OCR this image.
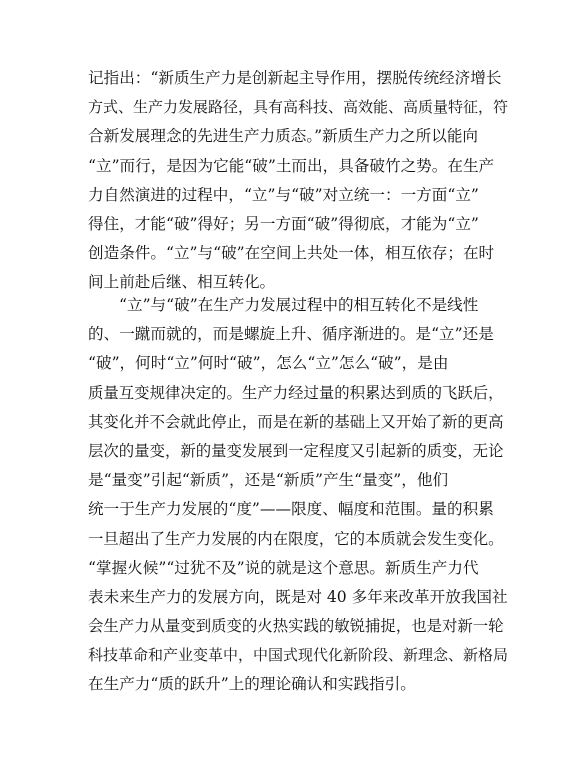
记指出：“新质生产力是创新起主导作用，摆脱传统经济增长
方式、生产力发展路径，具有高科技、高效能、高质量特征，符
合新发展理念的先进生产力质态。”新质生产力之所以能向
“立”而行，是因为它能“破”土而出，具备破竹之势。在生产
力自然演进的过程中，“立”与“破”对立统一：一方面“立”
得住，才能“破”得好；另一方面“破”得彻底，才能为“立”
创造条件。“立”与“破”在空间上共处一体，相互依存；在时
间上前赴后继、相互转化。
“立”与“破”在生产力发展过程中的相互转化不是线性
的、一蹴而就的，而是螺旋上升、循序渐进的。是“立”还是
“破”，何时“立”何时“破”，怎么“立”怎么“破”，是由
质量互变规律决定的。生产力经过量的积累达到质的飞跃后，
其变化并不会就此停止，而是在新的基础上又开始了新的更高
层次的量变，新的量变发展到一定程度又引起新的质变，无论
是“量变”引起“新质”，还是“新质”产生“量变”，他们
统一于生产力发展的“度”——限度、幅度和范围。量的积累
一旦超出了生产力发展的内在限度，它的本质就会发生变化。
“掌握火候”“过犹不及”说的就是这个意思。新质生产力代
表未来生产力的发展方向，既是对 40 多年来改革开放我国社
会生产力从量变到质变的火热实践的敏锐捕捉，也是对新一轮
科技革命和产业变革中，中国式现代化新阶段、新理念、新格局
在生产力“质的跃升”上的理论确认和实践指引。
